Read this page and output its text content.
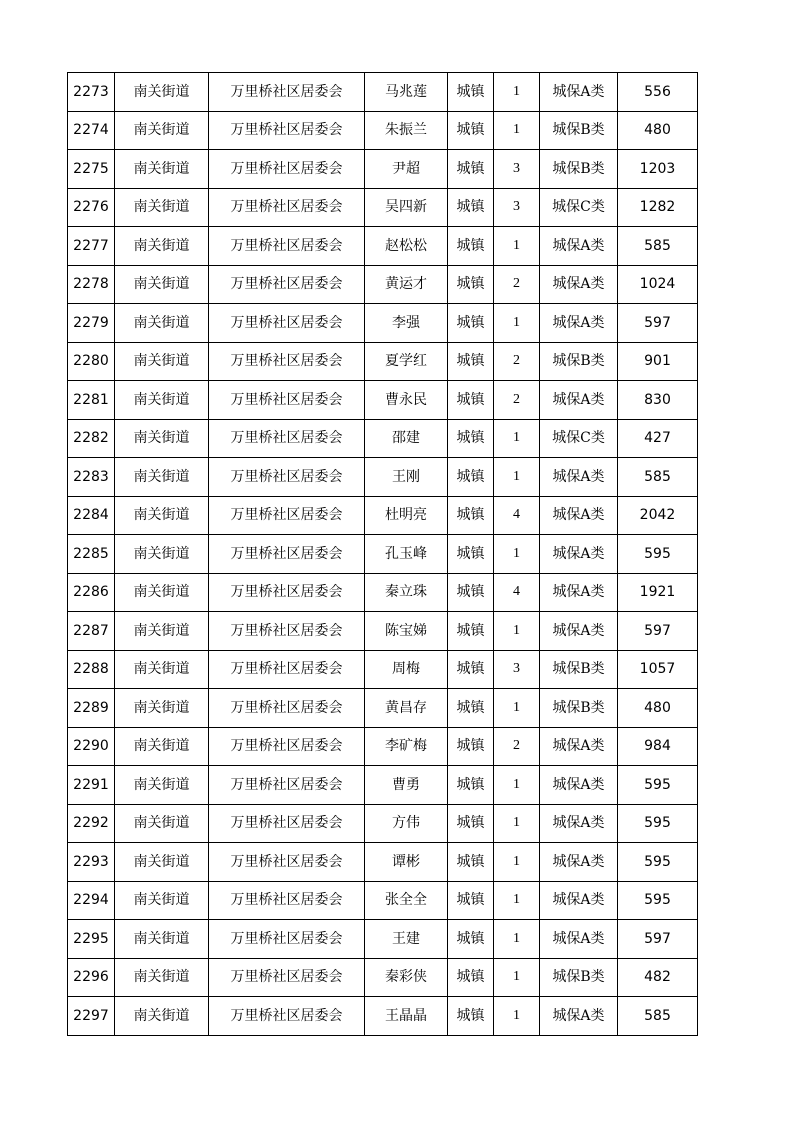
2273	南关街道	万里桥社区居委会	马兆莲	城镇	1	城保A类	556
2274	南关街道	万里桥社区居委会	朱振兰	城镇	1	城保B类	480
2275	南关街道	万里桥社区居委会	尹超	城镇	3	城保B类	1203
2276	南关街道	万里桥社区居委会	吴四新	城镇	3	城保C类	1282
2277	南关街道	万里桥社区居委会	赵松松	城镇	1	城保A类	585
2278	南关街道	万里桥社区居委会	黄运才	城镇	2	城保A类	1024
2279	南关街道	万里桥社区居委会	李强	城镇	1	城保A类	597
2280	南关街道	万里桥社区居委会	夏学红	城镇	2	城保B类	901
2281	南关街道	万里桥社区居委会	曹永民	城镇	2	城保A类	830
2282	南关街道	万里桥社区居委会	邵建	城镇	1	城保C类	427
2283	南关街道	万里桥社区居委会	王刚	城镇	1	城保A类	585
2284	南关街道	万里桥社区居委会	杜明亮	城镇	4	城保A类	2042
2285	南关街道	万里桥社区居委会	孔玉峰	城镇	1	城保A类	595
2286	南关街道	万里桥社区居委会	秦立珠	城镇	4	城保A类	1921
2287	南关街道	万里桥社区居委会	陈宝娣	城镇	1	城保A类	597
2288	南关街道	万里桥社区居委会	周梅	城镇	3	城保B类	1057
2289	南关街道	万里桥社区居委会	黄昌存	城镇	1	城保B类	480
2290	南关街道	万里桥社区居委会	李矿梅	城镇	2	城保A类	984
2291	南关街道	万里桥社区居委会	曹勇	城镇	1	城保A类	595
2292	南关街道	万里桥社区居委会	方伟	城镇	1	城保A类	595
2293	南关街道	万里桥社区居委会	谭彬	城镇	1	城保A类	595
2294	南关街道	万里桥社区居委会	张全全	城镇	1	城保A类	595
2295	南关街道	万里桥社区居委会	王建	城镇	1	城保A类	597
2296	南关街道	万里桥社区居委会	秦彩侠	城镇	1	城保B类	482
2297	南关街道	万里桥社区居委会	王晶晶	城镇	1	城保A类	585
